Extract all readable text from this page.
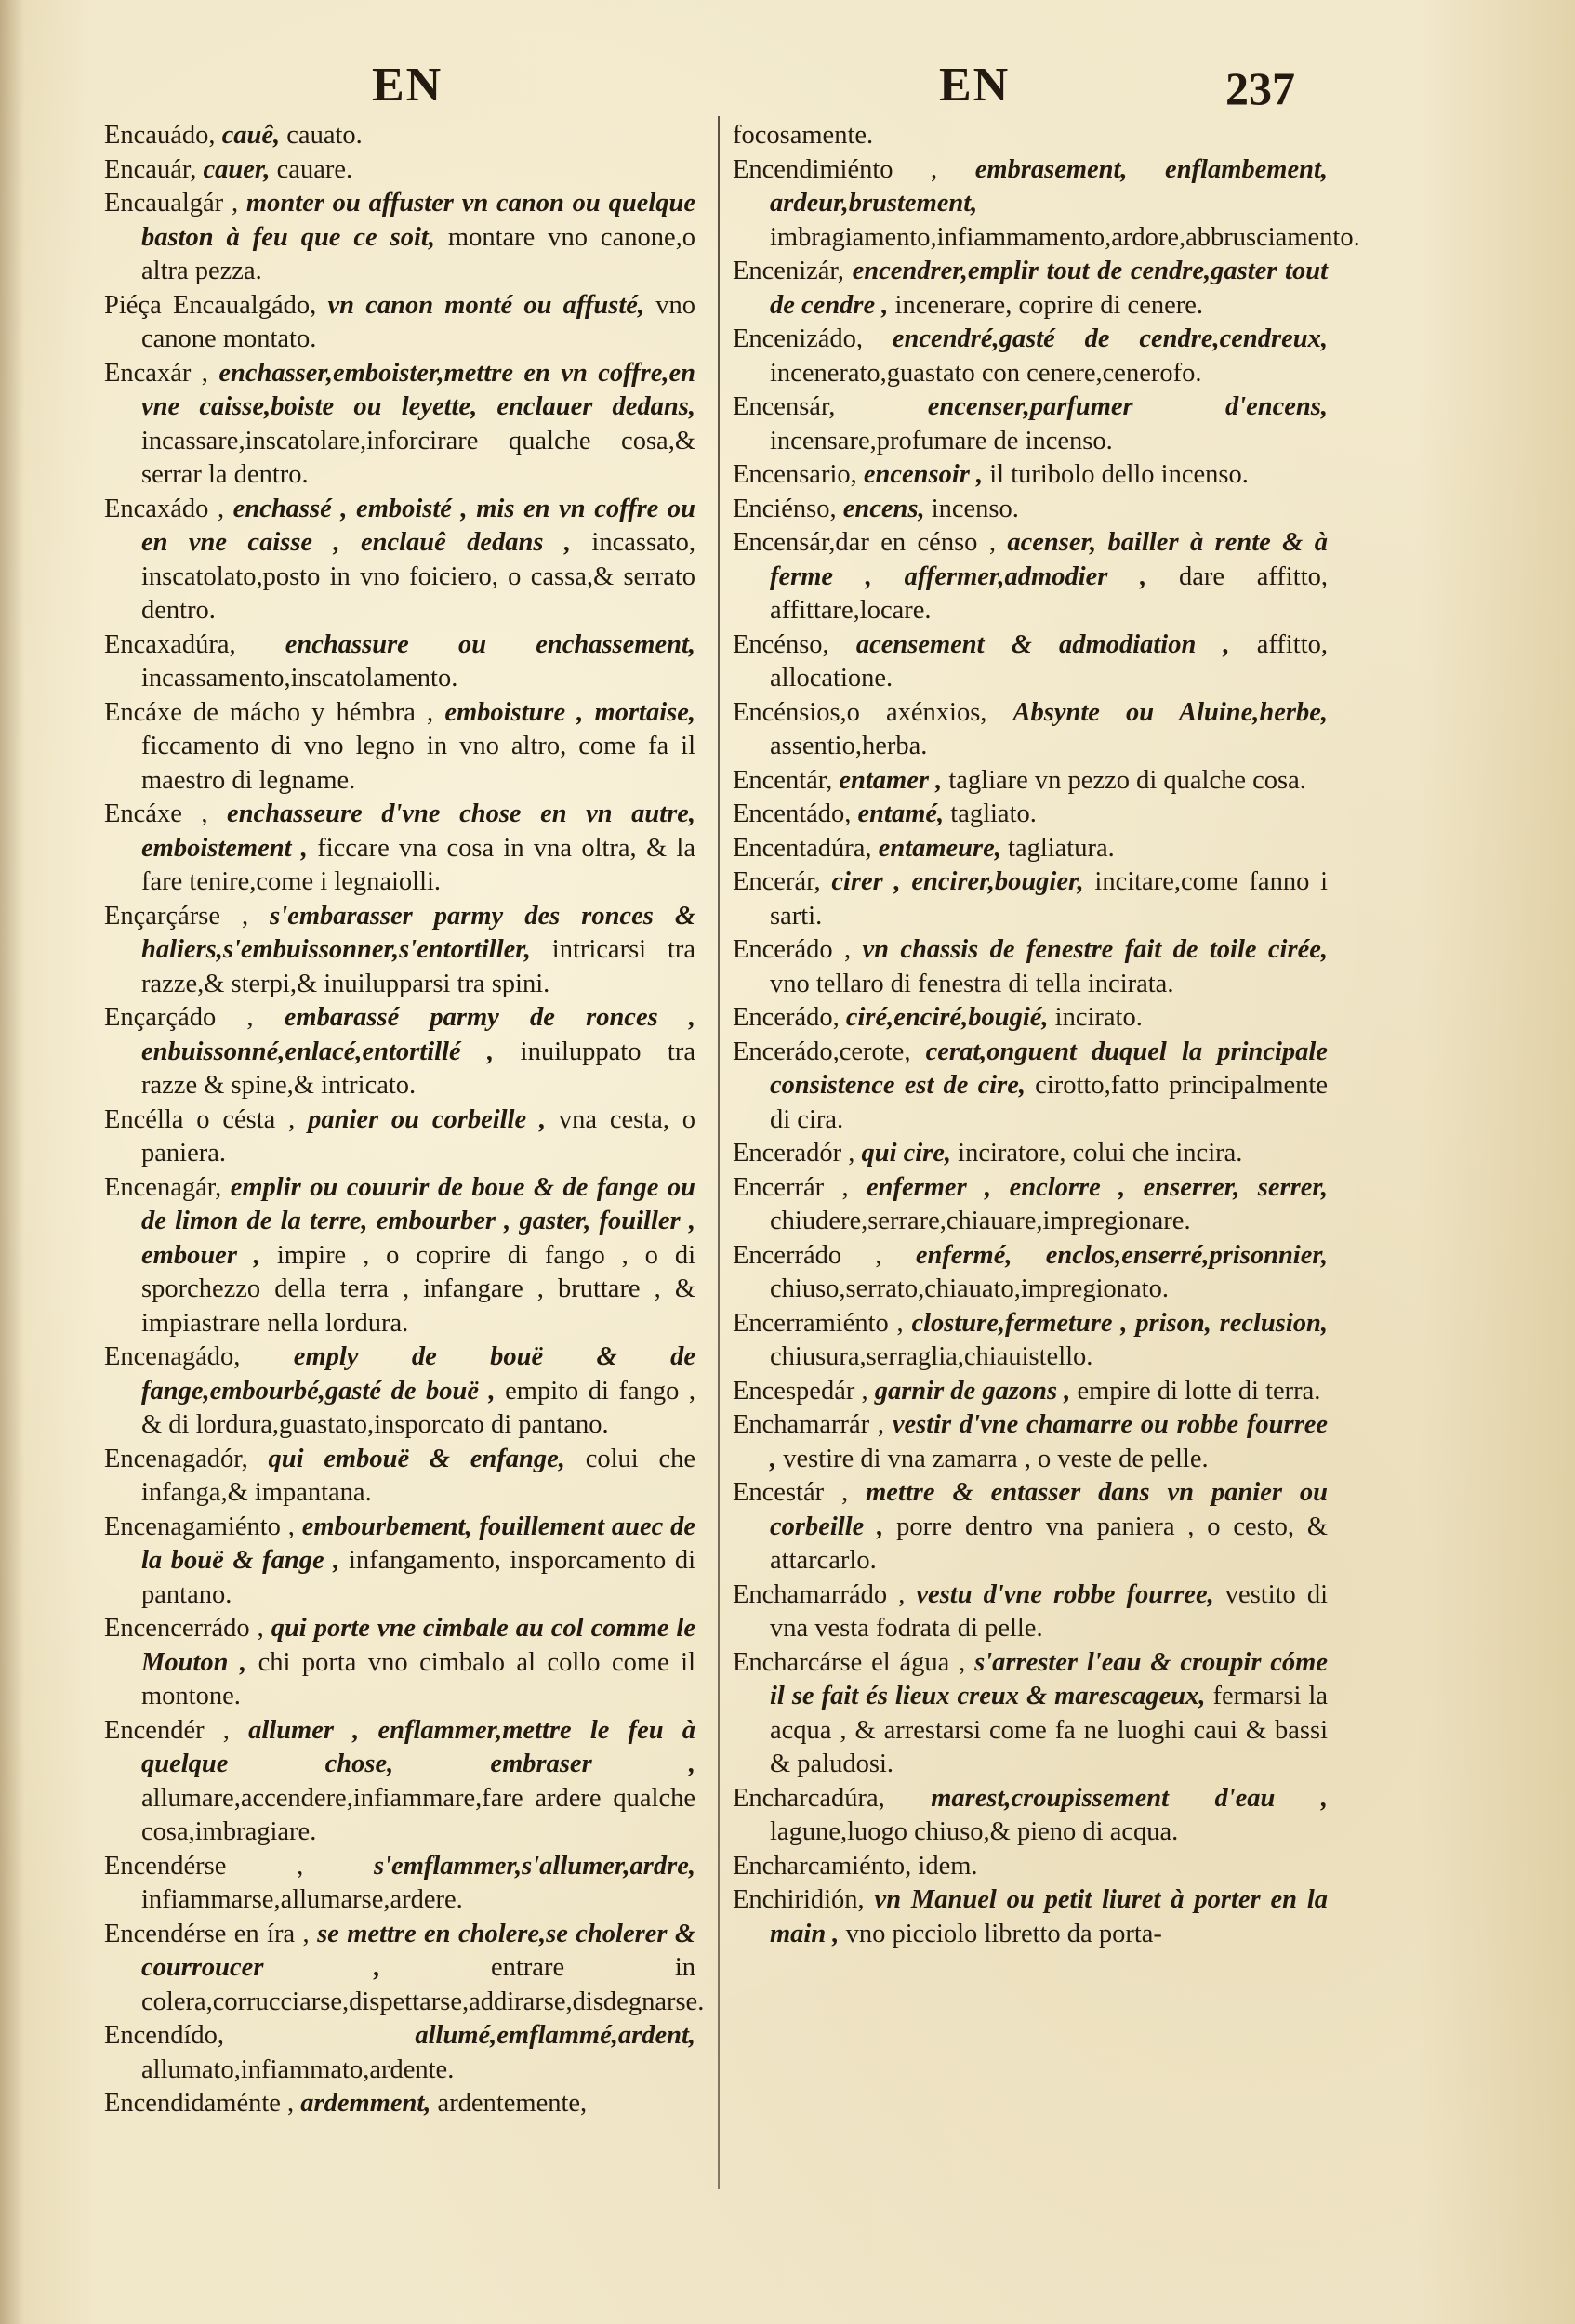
EN	EN	237

Encauádo, cauê, cauato.

Encauár, cauer, cauare.

Encaualgár , monter ou affuster vn canon ou quelque baston à feu que ce soit, montare vno canone,o altra pezza.

Piéça Encaualgádo, vn canon monté ou affusté, vno canone montato.

Encaxár , enchasser,emboister,mettre en vn coffre,en vne caisse,boiste ou leyette, enclauer dedans, incassare,inscatolare,inforcirare qualche cosa,& serrar la dentro.

Encaxádo , enchassé , emboisté , mis en vn coffre ou en vne caisse , enclauê dedans , incassato, inscatolato,posto in vno foiciero, o cassa,& serrato dentro.

Encaxadúra, enchassure ou enchassement, incassamento,inscatolamento.

Encáxe de mácho y hémbra , emboisture , mortaise, ficcamento di vno legno in vno altro, come fa il maestro di legname.

Encáxe , enchasseure d'vne chose en vn autre, emboistement , ficcare vna cosa in vna oltra, & la fare tenire,come i legnaiolli.

Ençarçárse , s'embarasser parmy des ronces & haliers,s'embuissonner,s'entortiller, intricarsi tra razze,& sterpi,& inuilupparsi tra spini.

Ençarçádo , embarassé parmy de ronces , enbuissonné,enlacé,entortillé , inuiluppato tra razze & spine,& intricato.

Encélla o césta , panier ou corbeille , vna cesta, o paniera.

Encenagár, emplir ou couurir de boue & de fange ou de limon de la terre, embourber , gaster, fouiller , embouer , impire , o coprire di fango , o di sporchezzo della terra , infangare , bruttare , & impiastrare nella lordura.

Encenagádo, emply de bouë & de fange,embourbé,gasté de bouë , empito di fango , & di lordura,guastato,insporcato di pantano.

Encenagadór, qui embouë & enfange, colui che infanga,& impantana.

Encenagamiénto , embourbement, fouillement auec de la bouë & fange , infangamento, insporcamento di pantano.

Encencerrádo , qui porte vne cimbale au col comme le Mouton , chi porta vno cimbalo al collo come il montone.

Encendér , allumer , enflammer,mettre le feu à quelque chose, embraser , allumare,accendere,infiammare,fare ardere qualche cosa,imbragiare.

Encendérse ,	s'emflammer,s'allumer,ardre, infiammarse,allumarse,ardere.

Encendérse en íra , se mettre en cholere,se cholerer & courroucer ,	entrare in colera,corrucciarse,dispettarse,addirarse,disdegnarse.

Encendído,	allumé,emflammé,ardent, allumato,infiammato,ardente.

Encendidaménte , ardemment, ardentemente,

focosamente.

Encendimiénto , embrasement, enflambement, ardeur,brustement, imbragiamento,infiammamento,ardore,abbrusciamento.

Encenizár, encendrer,emplir tout de cendre,gaster tout de cendre , incenerare, coprire di cenere.

Encenizádo, encendré,gasté de cendre,cendreux, incenerato,guastato con cenere,cenerofo.

Encensár,	encenser,parfumer d'encens, incensare,profumare de incenso.

Encensario, encensoir , il turibolo dello incenso.

Enciénso, encens, incenso.

Encensár,dar en cénso , acenser, bailler à rente & à ferme , affermer,admodier , dare affitto, affittare,locare.

Encénso, acensement & admodiation , affitto, allocatione.

Encénsios,o axénxios, Absynte ou Aluine,herbe, assentio,herba.

Encentár, entamer , tagliare vn pezzo di qualche cosa.

Encentádo, entamé, tagliato.

Encentadúra, entameure, tagliatura.

Encerár, cirer , encirer,bougier, incitare,come fanno i sarti.

Encerádo , vn chassis de fenestre fait de toile cirée, vno tellaro di fenestra di tella incirata.

Encerádo, ciré,enciré,bougié, incirato.

Encerádo,cerote, cerat,onguent duquel la principale consistence est de cire, cirotto,fatto principalmente di cira.

Enceradór , qui cire, inciratore, colui che incira.

Encerrár , enfermer , enclorre , enserrer, serrer, chiudere,serrare,chiauare,impregionare.

Encerrádo , enfermé, enclos,enserré,prisonnier, chiuso,serrato,chiauato,impregionato.

Encerramiénto , closture,fermeture , prison, reclusion, chiusura,serraglia,chiauistello.

Encespedár , garnir de gazons , empire di lotte di terra.

Enchamarrár , vestir d'vne chamarre ou robbe fourree , vestire di vna zamarra , o veste de pelle.

Encestár , mettre & entasser dans vn panier ou corbeille , porre dentro vna paniera , o cesto, & attarcarlo.

Enchamarrádo , vestu d'vne robbe fourree, vestito di vna vesta fodrata di pelle.

Encharcárse el água , s'arrester l'eau & croupir cóme il se fait és lieux creux & marescageux, fermarsi la acqua , & arrestarsi come fa ne luoghi caui & bassi & paludosi.

Encharcadúra, marest,croupissement d'eau , lagune,luogo chiuso,& pieno di acqua.

Encharcamiénto, idem.

Enchiridión, vn Manuel ou petit liuret à porter en la main , vno picciolo libretto da porta-
